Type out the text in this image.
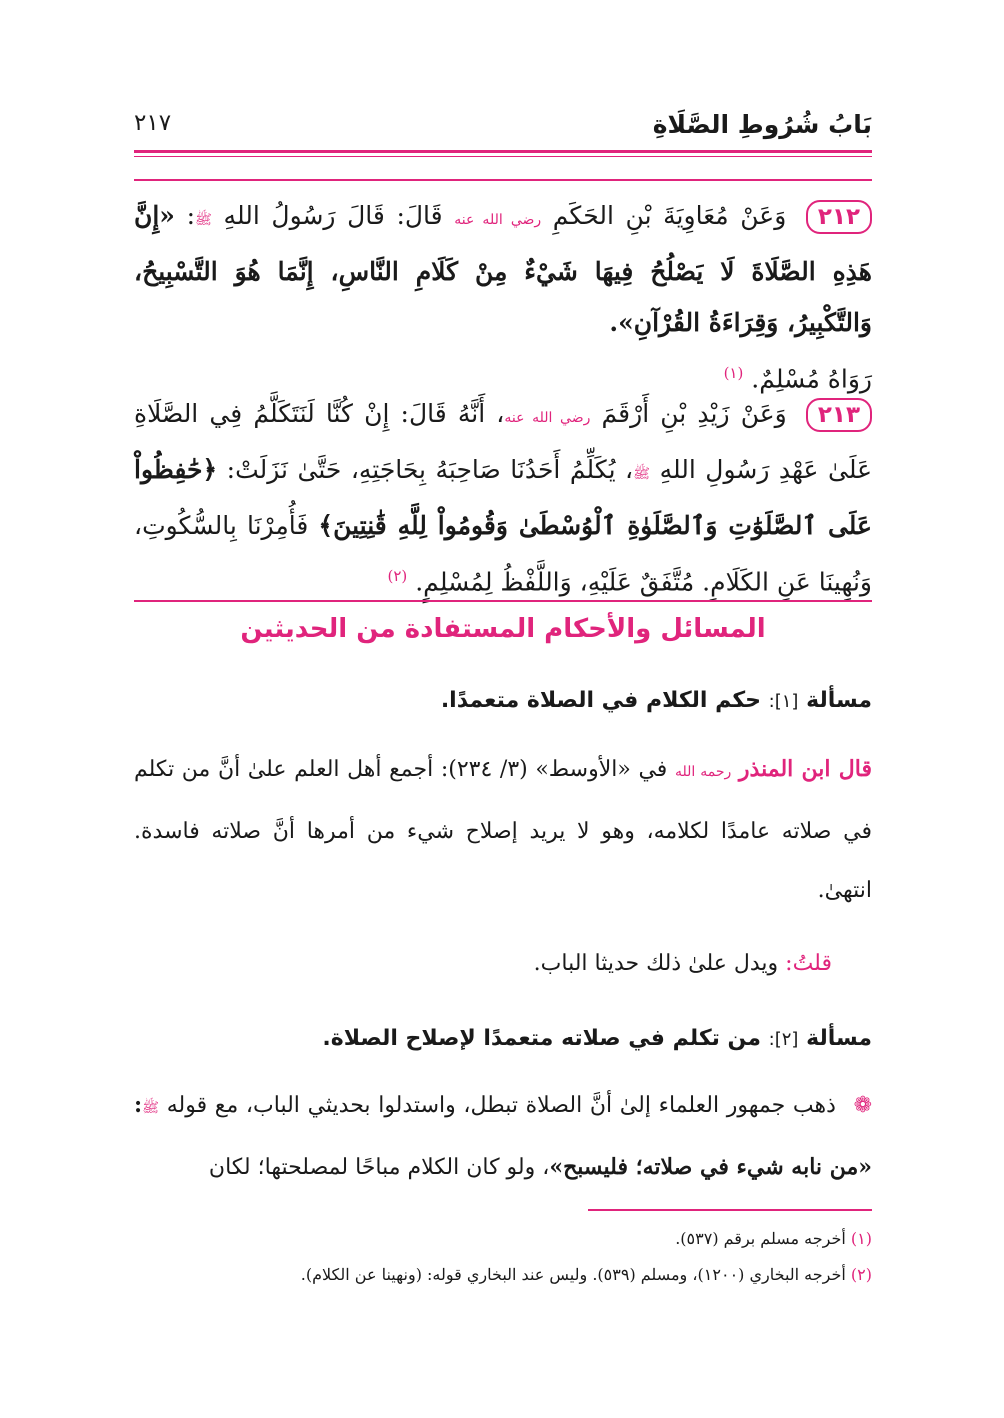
بَابُ شُرُوطِ الصَّلَاةِ
٢١٧
٢١٢ وَعَنْ مُعَاوِيَةَ بْنِ الحَكَمِ رضي الله عنه قَالَ: قَالَ رَسُولُ اللهِ ﷺ: «إِنَّ هَذِهِ الصَّلَاةَ لَا يَصْلُحُ فِيهَا شَيْءٌ مِنْ كَلَامِ النَّاسِ، إِنَّمَا هُوَ التَّسْبِيحُ، وَالتَّكْبِيرُ، وَقِرَاءَةُ القُرْآنِ».
رَوَاهُ مُسْلِمٌ. $^{(١)}$
٢١٣ وَعَنْ زَيْدِ بْنِ أَرْقَمَ رضي الله عنه، أَنَّهُ قَالَ: إِنْ كُنَّا لَنَتَكَلَّمُ فِي الصَّلَاةِ عَلَىٰ عَهْدِ رَسُولِ اللهِ ﷺ، يُكَلِّمُ أَحَدُنَا صَاحِبَهُ بِحَاجَتِهِ، حَتَّىٰ نَزَلَتْ: ﴿حَٰفِظُواْ عَلَى ٱلصَّلَوَٰتِ وَٱلصَّلَوٰةِ ٱلْوُسْطَىٰ وَقُومُواْ لِلَّهِ قَٰنِتِينَ﴾ فَأُمِرْنَا بِالسُّكُوتِ، وَنُهِينَا عَنِ الكَلَامِ. مُتَّفَقٌ عَلَيْهِ، وَاللَّفْظُ لِمُسْلِمٍ. $^{(٢)}$
المسائل والأحكام المستفادة من الحديثين
مسألة [١]: حكم الكلام في الصلاة متعمدًا.
قال ابن المنذر رحمه الله في «الأوسط» (٣/ ٢٣٤): أجمع أهل العلم علىٰ أنَّ من تكلم في صلاته عامدًا لكلامه، وهو لا يريد إصلاح شيء من أمرها أنَّ صلاته فاسدة. انتهىٰ.
قلتُ: ويدل علىٰ ذلك حديثا الباب.
مسألة [٢]: من تكلم في صلاته متعمدًا لإصلاح الصلاة.
❁ ذهب جمهور العلماء إلىٰ أنَّ الصلاة تبطل، واستدلوا بحديثي الباب، مع قوله ﷺ: «من نابه شيء في صلاته؛ فليسبح»، ولو كان الكلام مباحًا لمصلحتها؛ لكان
(١) أخرجه مسلم برقم (٥٣٧).
(٢) أخرجه البخاري (١٢٠٠)، ومسلم (٥٣٩). وليس عند البخاري قوله: (ونهينا عن الكلام).
